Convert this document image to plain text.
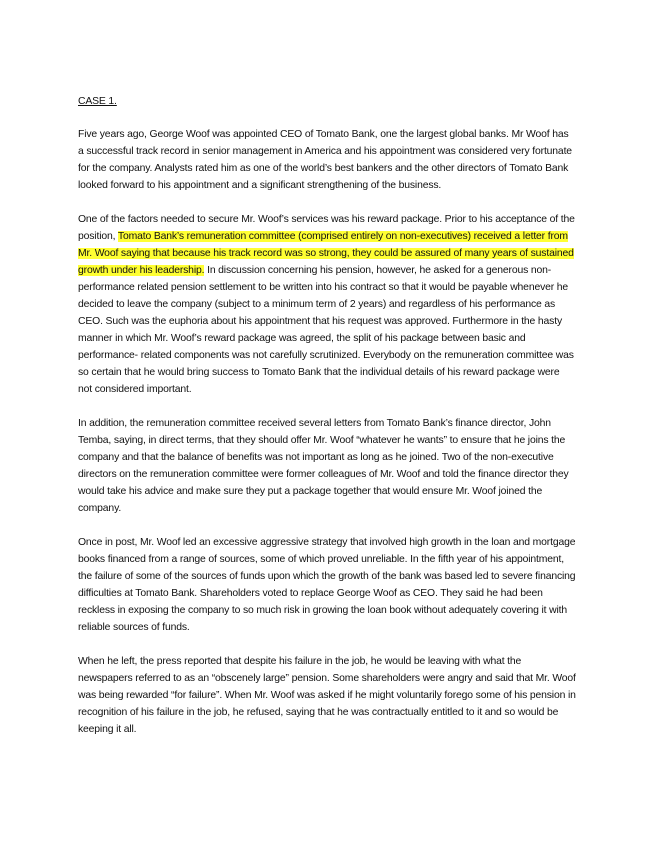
CASE 1.

Five years ago, George Woof was appointed CEO of Tomato Bank, one the largest global banks. Mr Woof has a successful track record in senior management in America and his appointment was considered very fortunate for the company. Analysts rated him as one of the world’s best bankers and the other directors of Tomato Bank looked forward to his appointment and a significant strengthening of the business.

One of the factors needed to secure Mr. Woof’s services was his reward package. Prior to his acceptance of the position, Tomato Bank’s remuneration committee (comprised entirely on non-executives) received a letter from Mr. Woof saying that because his track record was so strong, they could be assured of many years of sustained growth under his leadership. In discussion concerning his pension, however, he asked for a generous non-performance related pension settlement to be written into his contract so that it would be payable whenever he decided to leave the company (subject to a minimum term of 2 years) and regardless of his performance as CEO. Such was the euphoria about his appointment that his request was approved. Furthermore in the hasty manner in which Mr. Woof’s reward package was agreed, the split of his package between basic and performance- related components was not carefully scrutinized. Everybody on the remuneration committee was so certain that he would bring success to Tomato Bank that the individual details of his reward package were not considered important.

In addition, the remuneration committee received several letters from Tomato Bank’s finance director, John Temba, saying, in direct terms, that they should offer Mr. Woof “whatever he wants” to ensure that he joins the company and that the balance of benefits was not important as long as he joined. Two of the non-executive directors on the remuneration committee were former colleagues of Mr. Woof and told the finance director they would take his advice and make sure they put a package together that would ensure Mr. Woof joined the company.

Once in post, Mr. Woof led an excessive aggressive strategy that involved high growth in the loan and mortgage books financed from a range of sources, some of which proved unreliable. In the fifth year of his appointment, the failure of some of the sources of funds upon which the growth of the bank was based led to severe financing difficulties at Tomato Bank. Shareholders voted to replace George Woof as CEO. They said he had been reckless in exposing the company to so much risk in growing the loan book without adequately covering it with reliable sources of funds.

When he left, the press reported that despite his failure in the job, he would be leaving with what the newspapers referred to as an “obscenely large” pension. Some shareholders were angry and said that Mr. Woof was being rewarded “for failure”. When Mr. Woof was asked if he might voluntarily forego some of his pension in recognition of his failure in the job, he refused, saying that he was contractually entitled to it and so would be keeping it all.
